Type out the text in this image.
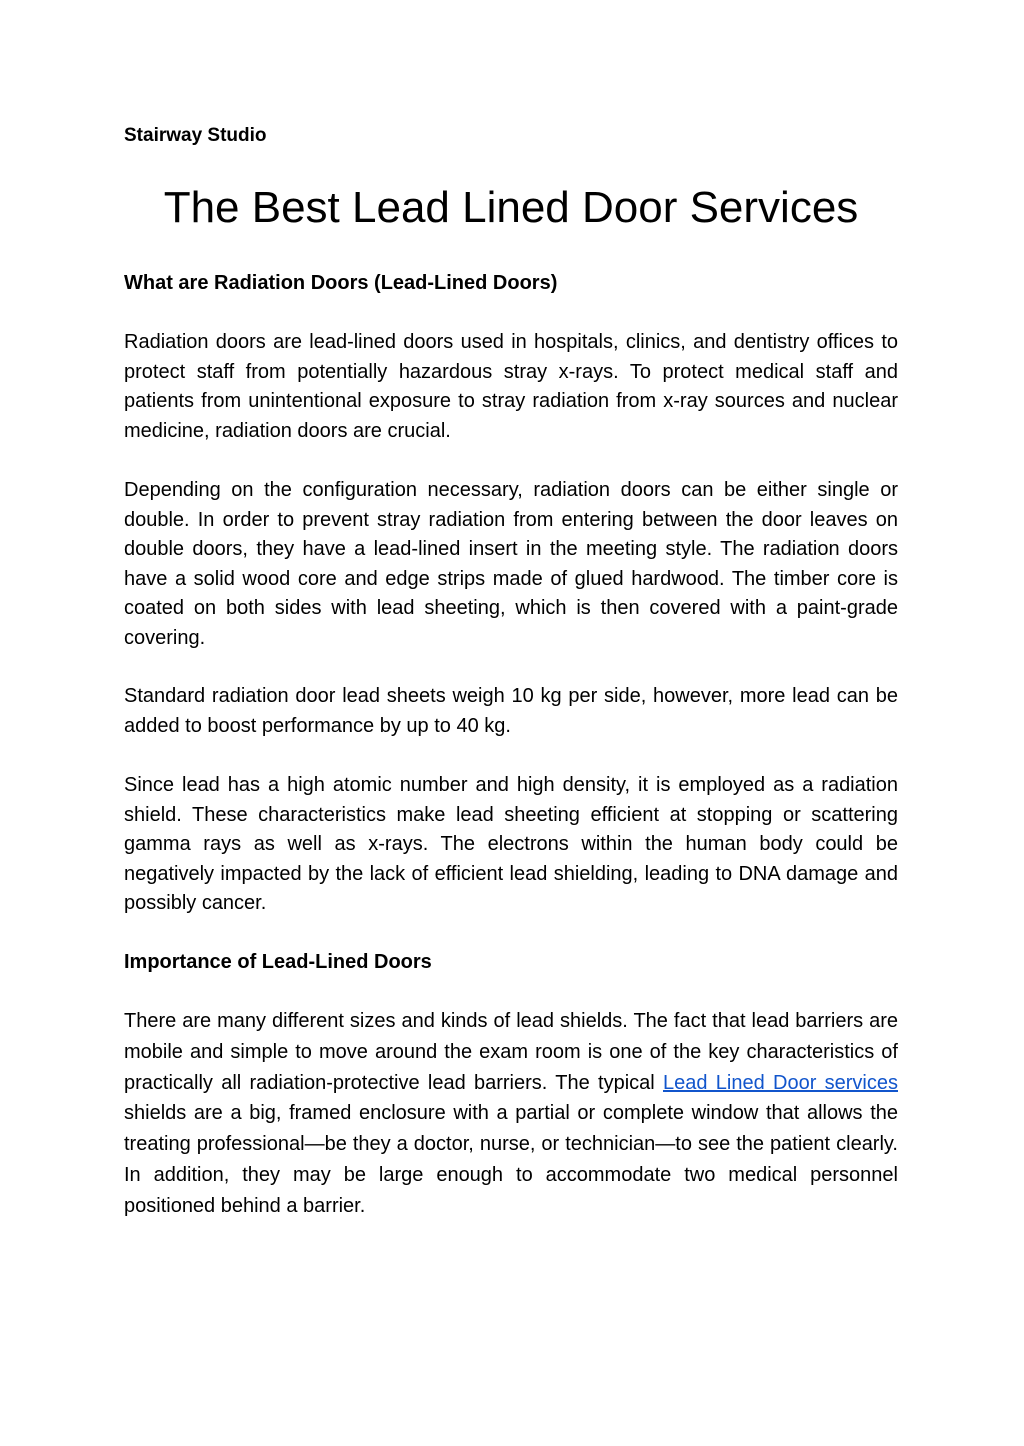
Stairway Studio

The Best Lead Lined Door Services
What are Radiation Doors (Lead-Lined Doors)

Radiation doors are lead-lined doors used in hospitals, clinics, and dentistry offices to protect staff from potentially hazardous stray x-rays. To protect medical staff and patients from unintentional exposure to stray radiation from x-ray sources and nuclear medicine, radiation doors are crucial.

Depending on the configuration necessary, radiation doors can be either single or double. In order to prevent stray radiation from entering between the door leaves on double doors, they have a lead-lined insert in the meeting style. The radiation doors have a solid wood core and edge strips made of glued hardwood. The timber core is coated on both sides with lead sheeting, which is then covered with a paint-grade covering.

Standard radiation door lead sheets weigh 10 kg per side, however, more lead can be added to boost performance by up to 40 kg.

Since lead has a high atomic number and high density, it is employed as a radiation shield. These characteristics make lead sheeting efficient at stopping or scattering gamma rays as well as x-rays. The electrons within the human body could be negatively impacted by the lack of efficient lead shielding, leading to DNA damage and possibly cancer.

Importance of Lead-Lined Doors

There are many different sizes and kinds of lead shields. The fact that lead barriers are mobile and simple to move around the exam room is one of the key characteristics of practically all radiation-protective lead barriers. The typical Lead Lined Door services shields are a big, framed enclosure with a partial or complete window that allows the treating professional—be they a doctor, nurse, or technician—to see the patient clearly. In addition, they may be large enough to accommodate two medical personnel positioned behind a barrier.
